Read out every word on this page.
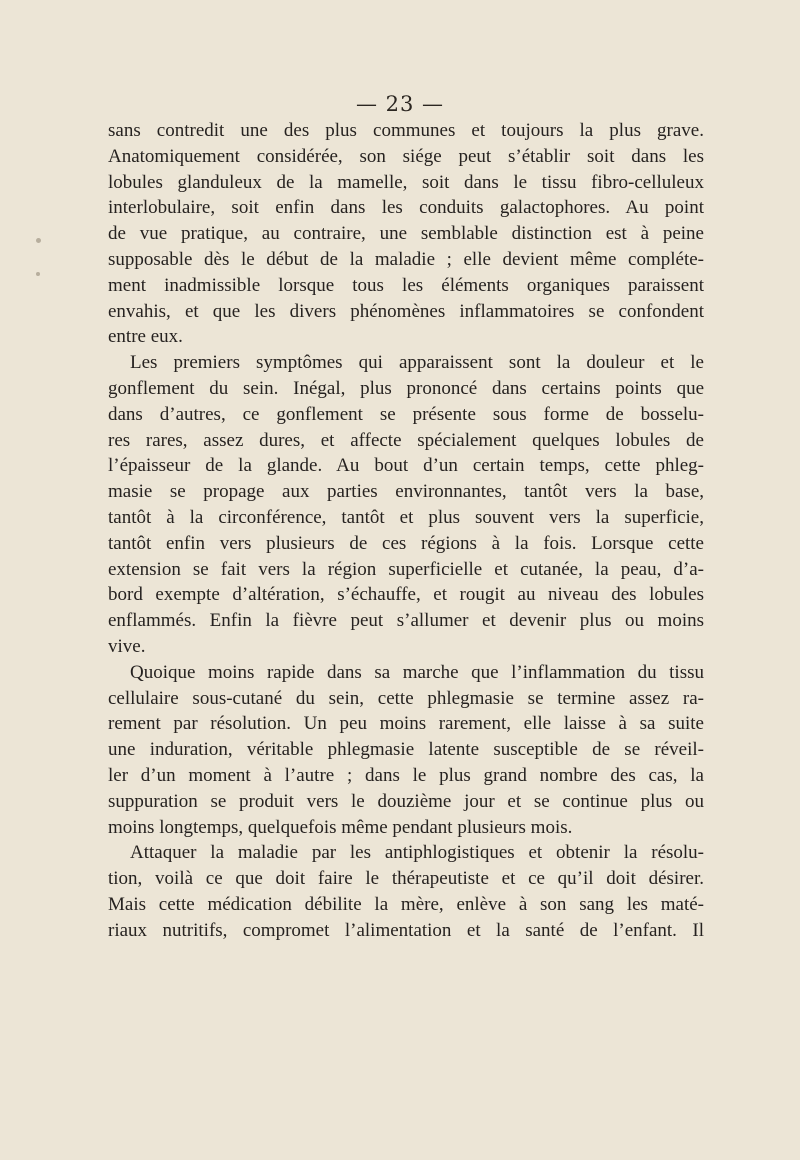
— 23 —
sans contredit une des plus communes et toujours la plus grave.
Anatomiquement considérée, son siége peut s’établir soit dans les
lobules glanduleux de la mamelle, soit dans le tissu fibro-celluleux
interlobulaire, soit enfin dans les conduits galactophores. Au point
de vue pratique, au contraire, une semblable distinction est à peine
supposable dès le début de la maladie ; elle devient même compléte-
ment inadmissible lorsque tous les éléments organiques paraissent
envahis, et que les divers phénomènes inflammatoires se confondent
entre eux.
Les premiers symptômes qui apparaissent sont la douleur et le
gonflement du sein. Inégal, plus prononcé dans certains points que
dans d’autres, ce gonflement se présente sous forme de bosselu-
res rares, assez dures, et affecte spécialement quelques lobules de
l’épaisseur de la glande. Au bout d’un certain temps, cette phleg-
masie se propage aux parties environnantes, tantôt vers la base,
tantôt à la circonférence, tantôt et plus souvent vers la superficie,
tantôt enfin vers plusieurs de ces régions à la fois. Lorsque cette
extension se fait vers la région superficielle et cutanée, la peau, d’a-
bord exempte d’altération, s’échauffe, et rougit au niveau des lobules
enflammés. Enfin la fièvre peut s’allumer et devenir plus ou moins
vive.
Quoique moins rapide dans sa marche que l’inflammation du tissu
cellulaire sous-cutané du sein, cette phlegmasie se termine assez ra-
rement par résolution. Un peu moins rarement, elle laisse à sa suite
une induration, véritable phlegmasie latente susceptible de se réveil-
ler d’un moment à l’autre ; dans le plus grand nombre des cas, la
suppuration se produit vers le douzième jour et se continue plus ou
moins longtemps, quelquefois même pendant plusieurs mois.
Attaquer la maladie par les antiphlogistiques et obtenir la résolu-
tion, voilà ce que doit faire le thérapeutiste et ce qu’il doit désirer.
Mais cette médication débilite la mère, enlève à son sang les maté-
riaux nutritifs, compromet l’alimentation et la santé de l’enfant. Il
